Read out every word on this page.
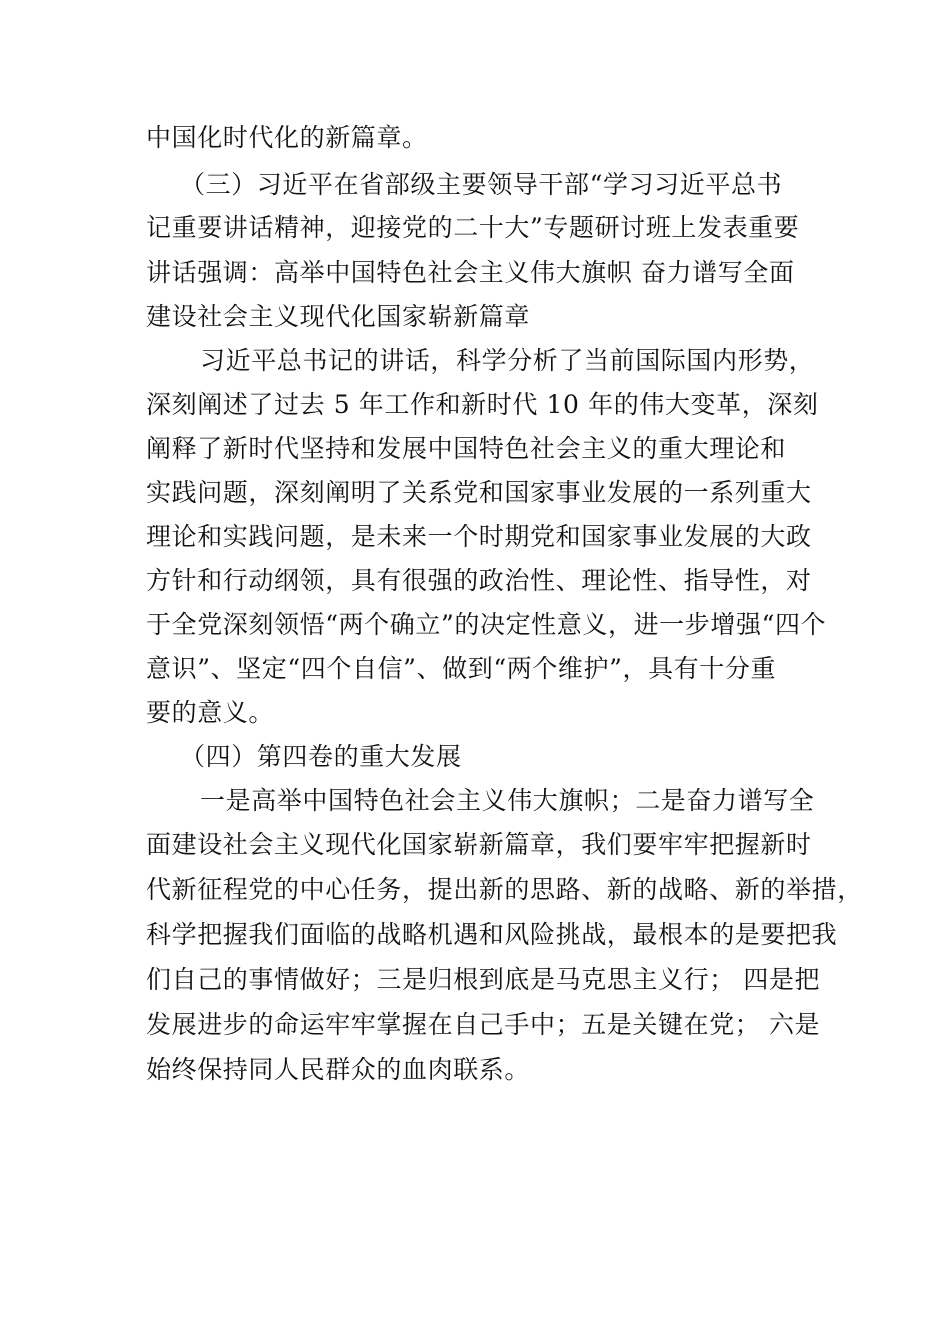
中国化时代化的新篇章。
（三）习近平在省部级主要领导干部“学习习近平总书
记重要讲话精神，迎接党的二十大”专题研讨班上发表重要
讲话强调：高举中国特色社会主义伟大旗帜 奋力谱写全面
建设社会主义现代化国家崭新篇章
习近平总书记的讲话，科学分析了当前国际国内形势，
深刻阐述了过去 5 年工作和新时代 10 年的伟大变革，深刻
阐释了新时代坚持和发展中国特色社会主义的重大理论和
实践问题，深刻阐明了关系党和国家事业发展的一系列重大
理论和实践问题，是未来一个时期党和国家事业发展的大政
方针和行动纲领，具有很强的政治性、理论性、指导性，对
于全党深刻领悟“两个确立”的决定性意义，进一步增强“四个
意识”、坚定“四个自信”、做到“两个维护”，具有十分重
要的意义。
（四）第四卷的重大发展
一是高举中国特色社会主义伟大旗帜；二是奋力谱写全
面建设社会主义现代化国家崭新篇章，我们要牢牢把握新时
代新征程党的中心任务，提出新的思路、新的战略、新的举措，
科学把握我们面临的战略机遇和风险挑战，最根本的是要把我
们自己的事情做好；三是归根到底是马克思主义行； 四是把
发展进步的命运牢牢掌握在自己手中；五是关键在党； 六是
始终保持同人民群众的血肉联系。
